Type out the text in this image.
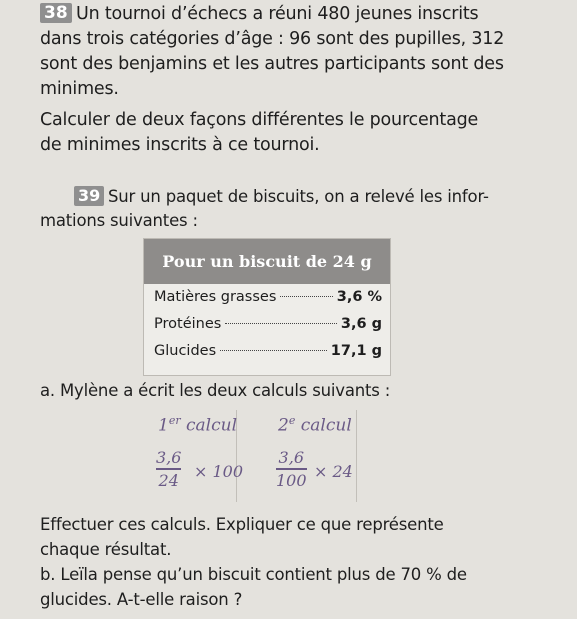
38 Un tournoi d’échecs a réuni 480 jeunes inscrits
dans trois catégories d’âge : 96 sont des pupilles, 312
sont des benjamins et les autres participants sont des
minimes.
Calculer de deux façons différentes le pourcentage
de minimes inscrits à ce tournoi.
39 Sur un paquet de biscuits, on a relevé les infor-
mations suivantes :
Pour un biscuit de 24 g
Matières grasses	3,6 %
Protéines	3,6 g
Glucides	17,1 g
a. Mylène a écrit les deux calculs suivants :
1er calcul
3,6
24 × 100
2e calcul
3,6
100 × 24
Effectuer ces calculs. Expliquer ce que représente
chaque résultat.
b. Leïla pense qu’un biscuit contient plus de 70 % de
glucides. A-t-elle raison ?
